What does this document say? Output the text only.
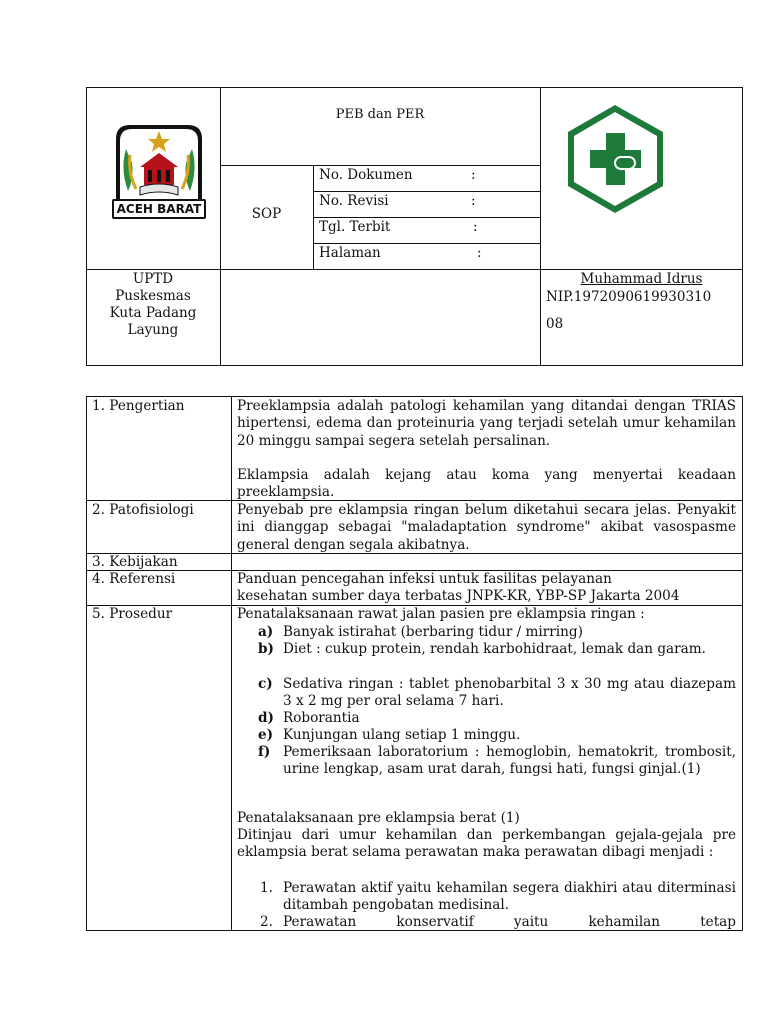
ACEH BARAT
PEB dan PER
SOP
No. Dokumen	:
No. Revisi	:
Tgl. Terbit	:
Halaman	:
UPTD
Puskesmas
Kuta Padang
Layung
Muhammad Idrus
NIP.197209061993031​0
08
1. Pengertian	Preeklampsia adalah patologi kehamilan yang ditandai dengan TRIAS hipertensi, edema dan proteinuria yang terjadi setelah umur kehamilan 20 minggu sampai segera setelah persalinan.
Eklampsia adalah kejang atau koma yang menyertai keadaan preeklampsia.
2. Patofisiologi	Penyebab pre eklampsia ringan belum diketahui secara jelas. Penyakit ini dianggap sebagai "maladaptation syndrome" akibat vasospasme general dengan segala akibatnya.
3. Kebijakan
4. Referensi	Panduan pencegahan infeksi untuk fasilitas pelayanan
kesehatan sumber daya terbatas JNPK-KR, YBP-SP Jakarta 2004
5. Prosedur	Penatalaksanaan rawat jalan pasien pre eklampsia ringan :
a) Banyak istirahat (berbaring tidur / mirring)
b) Diet : cukup protein, rendah karbohidraat, lemak dan garam.
c) Sedativa ringan : tablet phenobarbital 3 x 30 mg atau diazepam 3 x 2 mg per oral selama 7 hari.
d) Roborantia
e) Kunjungan ulang setiap 1 minggu.
f) Pemeriksaan laboratorium : hemoglobin, hematokrit, trombosit, urine lengkap, asam urat darah, fungsi hati, fungsi ginjal.(1)
Penatalaksanaan pre eklampsia berat (1)
Ditinjau dari umur kehamilan dan perkembangan gejala-gejala pre eklampsia berat selama perawatan maka perawatan dibagi menjadi :
1. Perawatan aktif yaitu kehamilan segera diakhiri atau diterminasi ditambah pengobatan medisinal.
2. Perawatan konservatif yaitu kehamilan tetap
